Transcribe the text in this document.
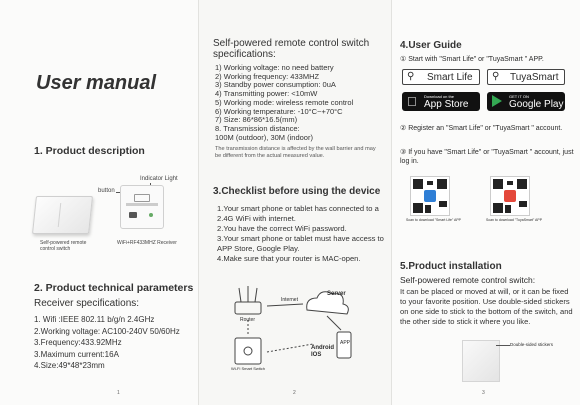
User manual
1. Product description
button
Indicator Light
Self-powered remote control switch
WiFi+RF433MHZ Receiver
2. Product technical parameters
Receiver specifications:
1. Wifi :IEEE 802.11 b/g/n 2.4GHz
2.Working voltage: AC100-240V 50/60Hz
3.Frequency:433.92MHz
3.Maximum current:16A
4.Size:49*48*23mm
1
Self-powered remote control switch specifications:
1) Working voltage: no need battery
2) Working frequency: 433MHZ
3) Standby power consumption: 0uA
4) Transmitting power: <10mW
5) Working mode: wireless remote control
6) Working temperature: -10°C~+70°C
7) Size: 86*86*16.5(mm)
8. Transmission distance:
100M (outdoor), 30M (indoor)
The transmission distance is affected by the wall barrier and may be different from the actual measured value.
3.Checklist before using the device
1.Your smart phone or tablet has connected to a 2.4G WiFi with internet.
2.You have the correct WiFi password.
3.Your smart phone or tablet must have access to APP Store, Google Play.
4.Make sure that your router is MAC-open.
Router
Internet
Server
Android IOS
APP
Wi-Fi Smart Switch
2
4.User Guide
① Start with "Smart Life" or "TuyaSmart " APP.
⚲ Smart Life ⚲ TuyaSmart
Download on the
App Store
GET IT ON
Google Play
② Register an "Smart Life" or "TuyaSmart " account.
③ If you have "Smart Life" or "TuyaSmart " account, just log in.
Scan to download "Smart Life" APP	Scan to download "TuyaSmart" APP
5.Product installation
Self-powered remote control switch:
It can be placed or moved at will, or it can be fixed to your favorite position. Use double-sided stickers on one side to stick to the bottom of the switch, and the other side to stick it where you like.
Double-sided stickers
3
